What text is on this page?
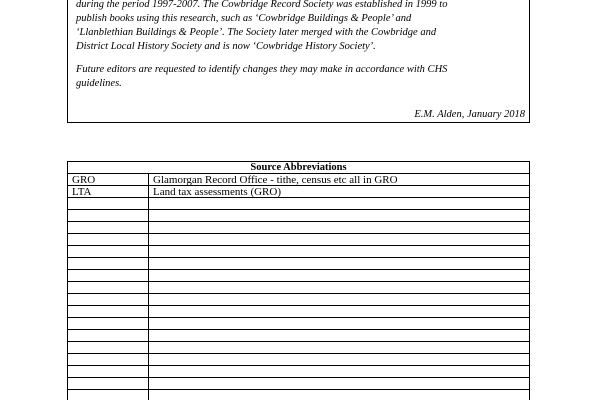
during the period 1997-2007. The Cowbridge Record Society was established in 1999 to
publish books using this research, such as ‘Cowbridge Buildings & People’ and
‘Llanblethian Buildings & People’. The Society later merged with the Cowbridge and
District Local History Society and is now ‘Cowbridge History Society’.

Future editors are requested to identify changes they may make in accordance with CHS
guidelines.

E.M. Alden, January 2018
Source Abbreviations	
GRO	Glamorgan Record Office - tithe, census etc all in GRO
LTA	Land tax assessments (GRO)
